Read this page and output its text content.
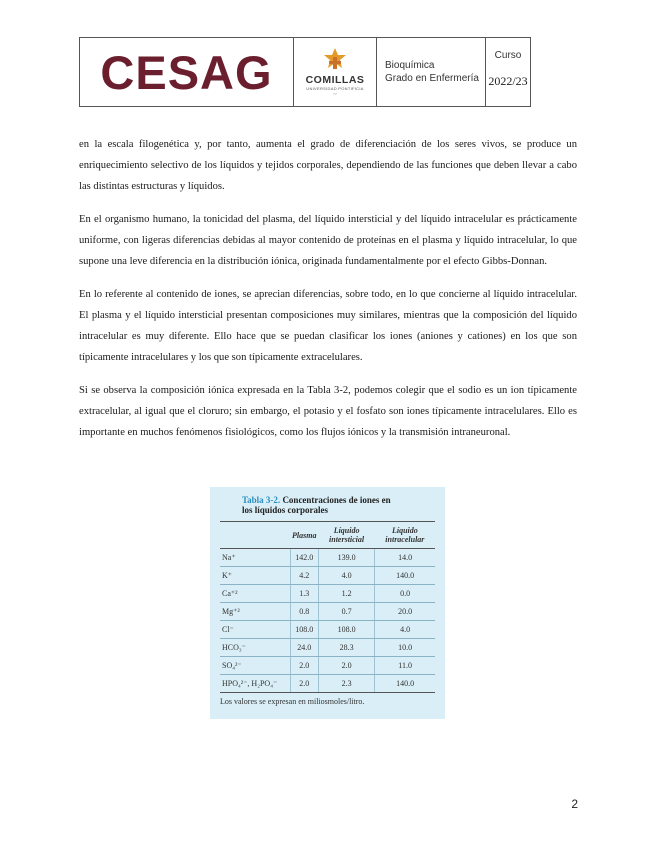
CESAG	COMILLAS
UNIVERSIDAD PONTIFICIA
~
Bioquímica
Grado en Enfermería
Curso
2022/23

en la escala filogenética y, por tanto, aumenta el grado de diferenciación de los seres vivos, se produce un enriquecimiento selectivo de los líquidos y tejidos corporales, dependiendo de las funciones que deben llevar a cabo las distintas estructuras y líquidos.

En el organismo humano, la tonicidad del plasma, del líquido intersticial y del líquido intracelular es prácticamente uniforme, con ligeras diferencias debidas al mayor contenido de proteínas en el plasma y líquido intracelular, lo que supone una leve diferencia en la distribución iónica, originada fundamentalmente por el efecto Gibbs-Donnan.

En lo referente al contenido de iones, se aprecian diferencias, sobre todo, en lo que concierne al líquido intracelular. El plasma y el líquido intersticial presentan composiciones muy similares, mientras que la composición del líquido intracelular es muy diferente. Ello hace que se puedan clasificar los iones (aniones y cationes) en los que son típicamente intracelulares y los que son típicamente extracelulares.

Si se observa la composición iónica expresada en la Tabla 3-2, podemos colegir que el sodio es un ion típicamente extracelular, al igual que el cloruro; sin embargo, el potasio y el fosfato son iones típicamente intracelulares. Ello es importante en muchos fenómenos fisiológicos, como los flujos iónicos y la transmisión intraneuronal.

Tabla 3-2. Concentraciones de iones en
los líquidos corporales
	Plasma	Líquido intersticial	Líquido intracelular
Na⁺	142.0	139.0	14.0
K⁺	4.2	4.0	140.0
Ca⁺²	1.3	1.2	0.0
Mg⁺²	0.8	0.7	20.0
Cl⁻	108.0	108.0	4.0
HCO₃⁻	24.0	28.3	10.0
SO₄²⁻	2.0	2.0	11.0
HPO₄²⁻, H₂PO₄⁻	2.0	2.3	140.0
Los valores se expresan en miliosmoles/litro.
2
